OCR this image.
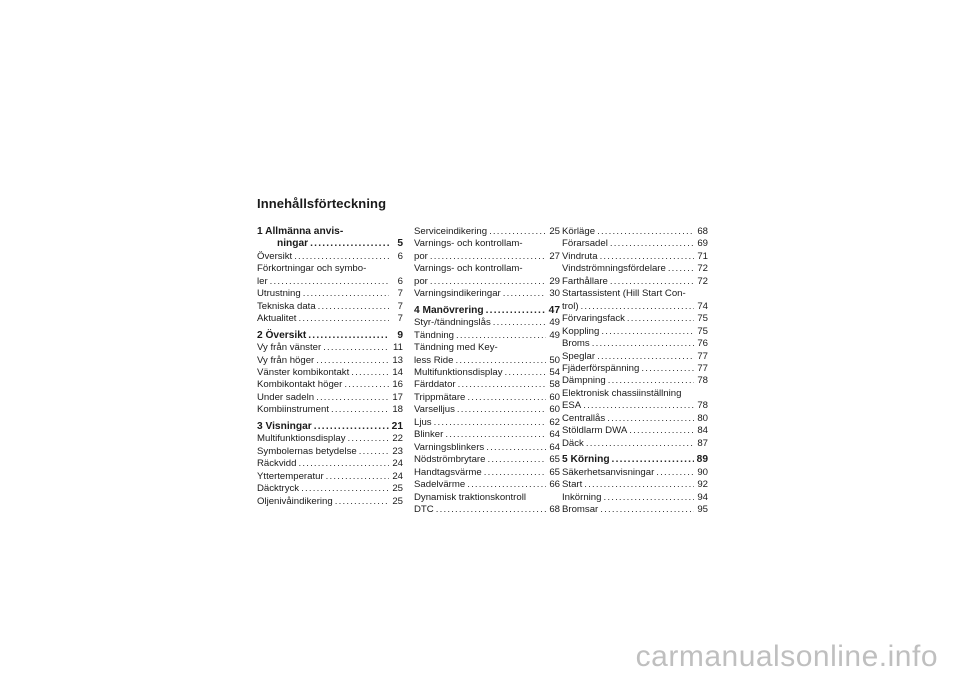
Innehållsförteckning
1 Allmänna anvis-
ningar .....	5
Översikt .....	6
Förkortningar och symbo-
ler .....	6
Utrustning .....	7
Tekniska data .....	7
Aktualitet .....	7
2 Översikt .....	9
Vy från vänster .....	11
Vy från höger .....	13
Vänster kombikontakt .....	14
Kombikontakt höger .....	16
Under sadeln .....	17
Kombiinstrument .....	18
3 Visningar .....	21
Multifunktionsdisplay .....	22
Symbolernas betydelse .....	23
Räckvidd .....	24
Yttertemperatur .....	24
Däcktryck .....	25
Oljenivåindikering .....	25
Serviceindikering .....	25
Varnings- och kontrollam-
por .....	27
Varnings- och kontrollam-
por .....	29
Varningsindikeringar .....	30
4 Manövrering .....	47
Styr-/tändningslås .....	49
Tändning .....	49
Tändning med Key-
less Ride .....	50
Multifunktionsdisplay .....	54
Färddator .....	58
Trippmätare .....	60
Varselljus .....	60
Ljus .....	62
Blinker .....	64
Varningsblinkers .....	64
Nödströmbrytare .....	65
Handtagsvärme .....	65
Sadelvärme .....	66
Dynamisk traktionskontroll
DTC .....	68
Körläge .....	68
Förarsadel .....	69
Vindruta .....	71
Vindströmningsfördelare .....	72
Farthållare .....	72
Startassistent (Hill Start Con-
trol) .....	74
Förvaringsfack .....	75
Koppling .....	75
Broms .....	76
Speglar .....	77
Fjäderförspänning .....	77
Dämpning .....	78
Elektronisk chassiinställning
ESA .....	78
Centrallås .....	80
Stöldlarm DWA .....	84
Däck .....	87
5 Körning .....	89
Säkerhetsanvisningar .....	90
Start .....	92
Inkörning .....	94
Bromsar .....	95
carmanualsonline.info
